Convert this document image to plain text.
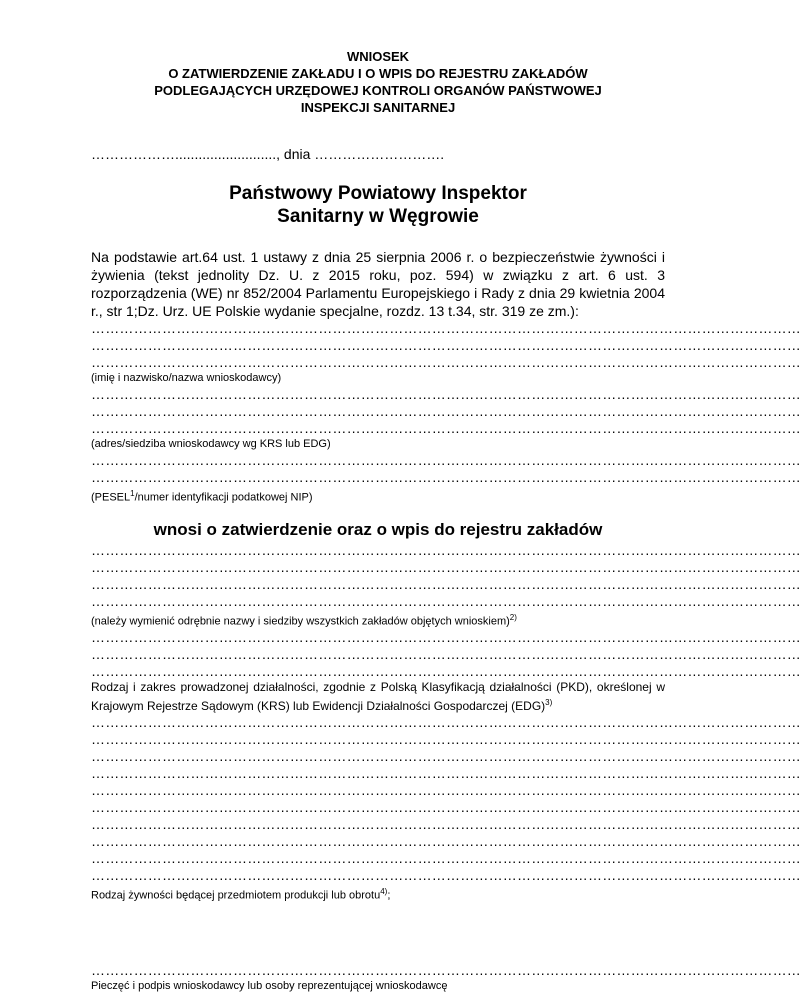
WNIOSEK
O ZATWIERDZENIE ZAKŁADU I O WPIS DO REJESTRU ZAKŁADÓW
PODLEGAJĄCYCH URZĘDOWEJ KONTROLI ORGANÓW PAŃSTWOWEJ
INSPEKCJI SANITARNEJ
……………….........................., dnia ……………………….
Państwowy Powiatowy Inspektor
Sanitarny w Węgrowie
Na podstawie art.64 ust. 1 ustawy z dnia 25 sierpnia 2006 r. o bezpieczeństwie żywności i żywienia (tekst jednolity Dz. U. z 2015 roku, poz. 594) w związku z art. 6 ust. 3 rozporządzenia (WE) nr 852/2004 Parlamentu Europejskiego i Rady z dnia 29 kwietnia 2004 r., str 1;Dz. Urz. UE Polskie wydanie specjalne, rozdz. 13 t.34, str. 319 ze zm.):
……………………………………………………………………………………………………………………………………
……………………………………………………………………………………………………………………………………
……………………………………………………………………………………………………………………………………
(imię i nazwisko/nazwa wnioskodawcy)
……………………………………………………………………………………………………………………………………
……………………………………………………………………………………………………………………………………
……………………………………………………………………………………………………………………………………
(adres/siedziba wnioskodawcy wg KRS lub EDG)
……………………………………………………………………………………………………………………………………
……………………………………………………………………………………………………………………………………
(PESEL$^1$/numer identyfikacji podatkowej NIP)
wnosi o zatwierdzenie oraz o wpis do rejestru zakładów
……………………………………………………………………………………………………………………………………
……………………………………………………………………………………………………………………………………
……………………………………………………………………………………………………………………………………
……………………………………………………………………………………………………………………………………
(należy wymienić odrębnie nazwy i siedziby wszystkich zakładów objętych wnioskiem)$^{2)}$
……………………………………………………………………………………………………………………………………
……………………………………………………………………………………………………………………………………
……………………………………………………………………………………………………………………………………
Rodzaj i zakres prowadzonej działalności, zgodnie z Polską Klasyfikacją działalności (PKD), określonej w Krajowym Rejestrze Sądowym (KRS) lub Ewidencji Działalności Gospodarczej (EDG)$^{3)}$
……………………………………………………………………………………………………………………………………
……………………………………………………………………………………………………………………………………
……………………………………………………………………………………………………………………………………
……………………………………………………………………………………………………………………………………
……………………………………………………………………………………………………………………………………
……………………………………………………………………………………………………………………………………
……………………………………………………………………………………………………………………………………
……………………………………………………………………………………………………………………………………
……………………………………………………………………………………………………………………………………
……………………………………………………………………………………………………………………………………
Rodzaj żywności będącej przedmiotem produkcji lub obrotu$^{4)}$;
……………………………………………………………………………………………………………………………………
Pieczęć i podpis wnioskodawcy lub osoby reprezentującej wnioskodawcę
